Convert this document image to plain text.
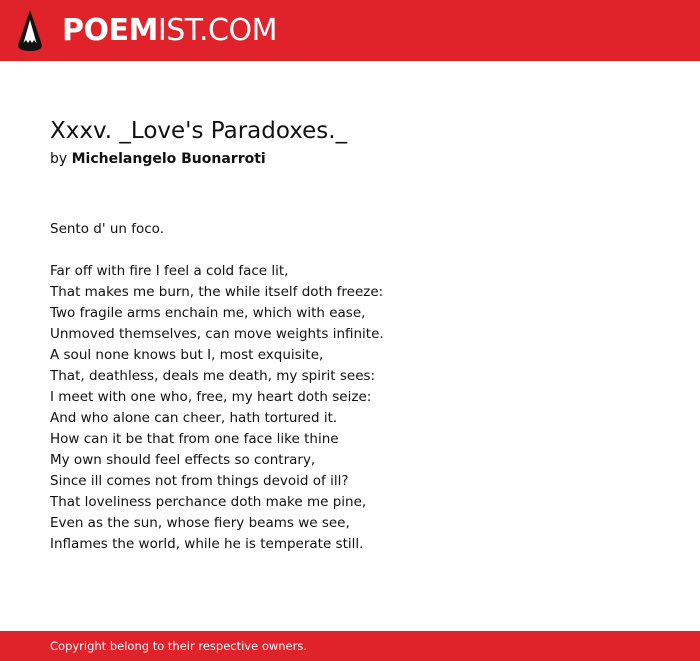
POEMIST.COM
Xxxv. _Love's Paradoxes._
by Michelangelo Buonarroti
Sento d' un foco.
Far off with fire I feel a cold face lit,
That makes me burn, the while itself doth freeze:
Two fragile arms enchain me, which with ease,
Unmoved themselves, can move weights infinite.
A soul none knows but I, most exquisite,
That, deathless, deals me death, my spirit sees:
I meet with one who, free, my heart doth seize:
And who alone can cheer, hath tortured it.
How can it be that from one face like thine
My own should feel effects so contrary,
Since ill comes not from things devoid of ill?
That loveliness perchance doth make me pine,
Even as the sun, whose fiery beams we see,
Inflames the world, while he is temperate still.
Copyright belong to their respective owners.
